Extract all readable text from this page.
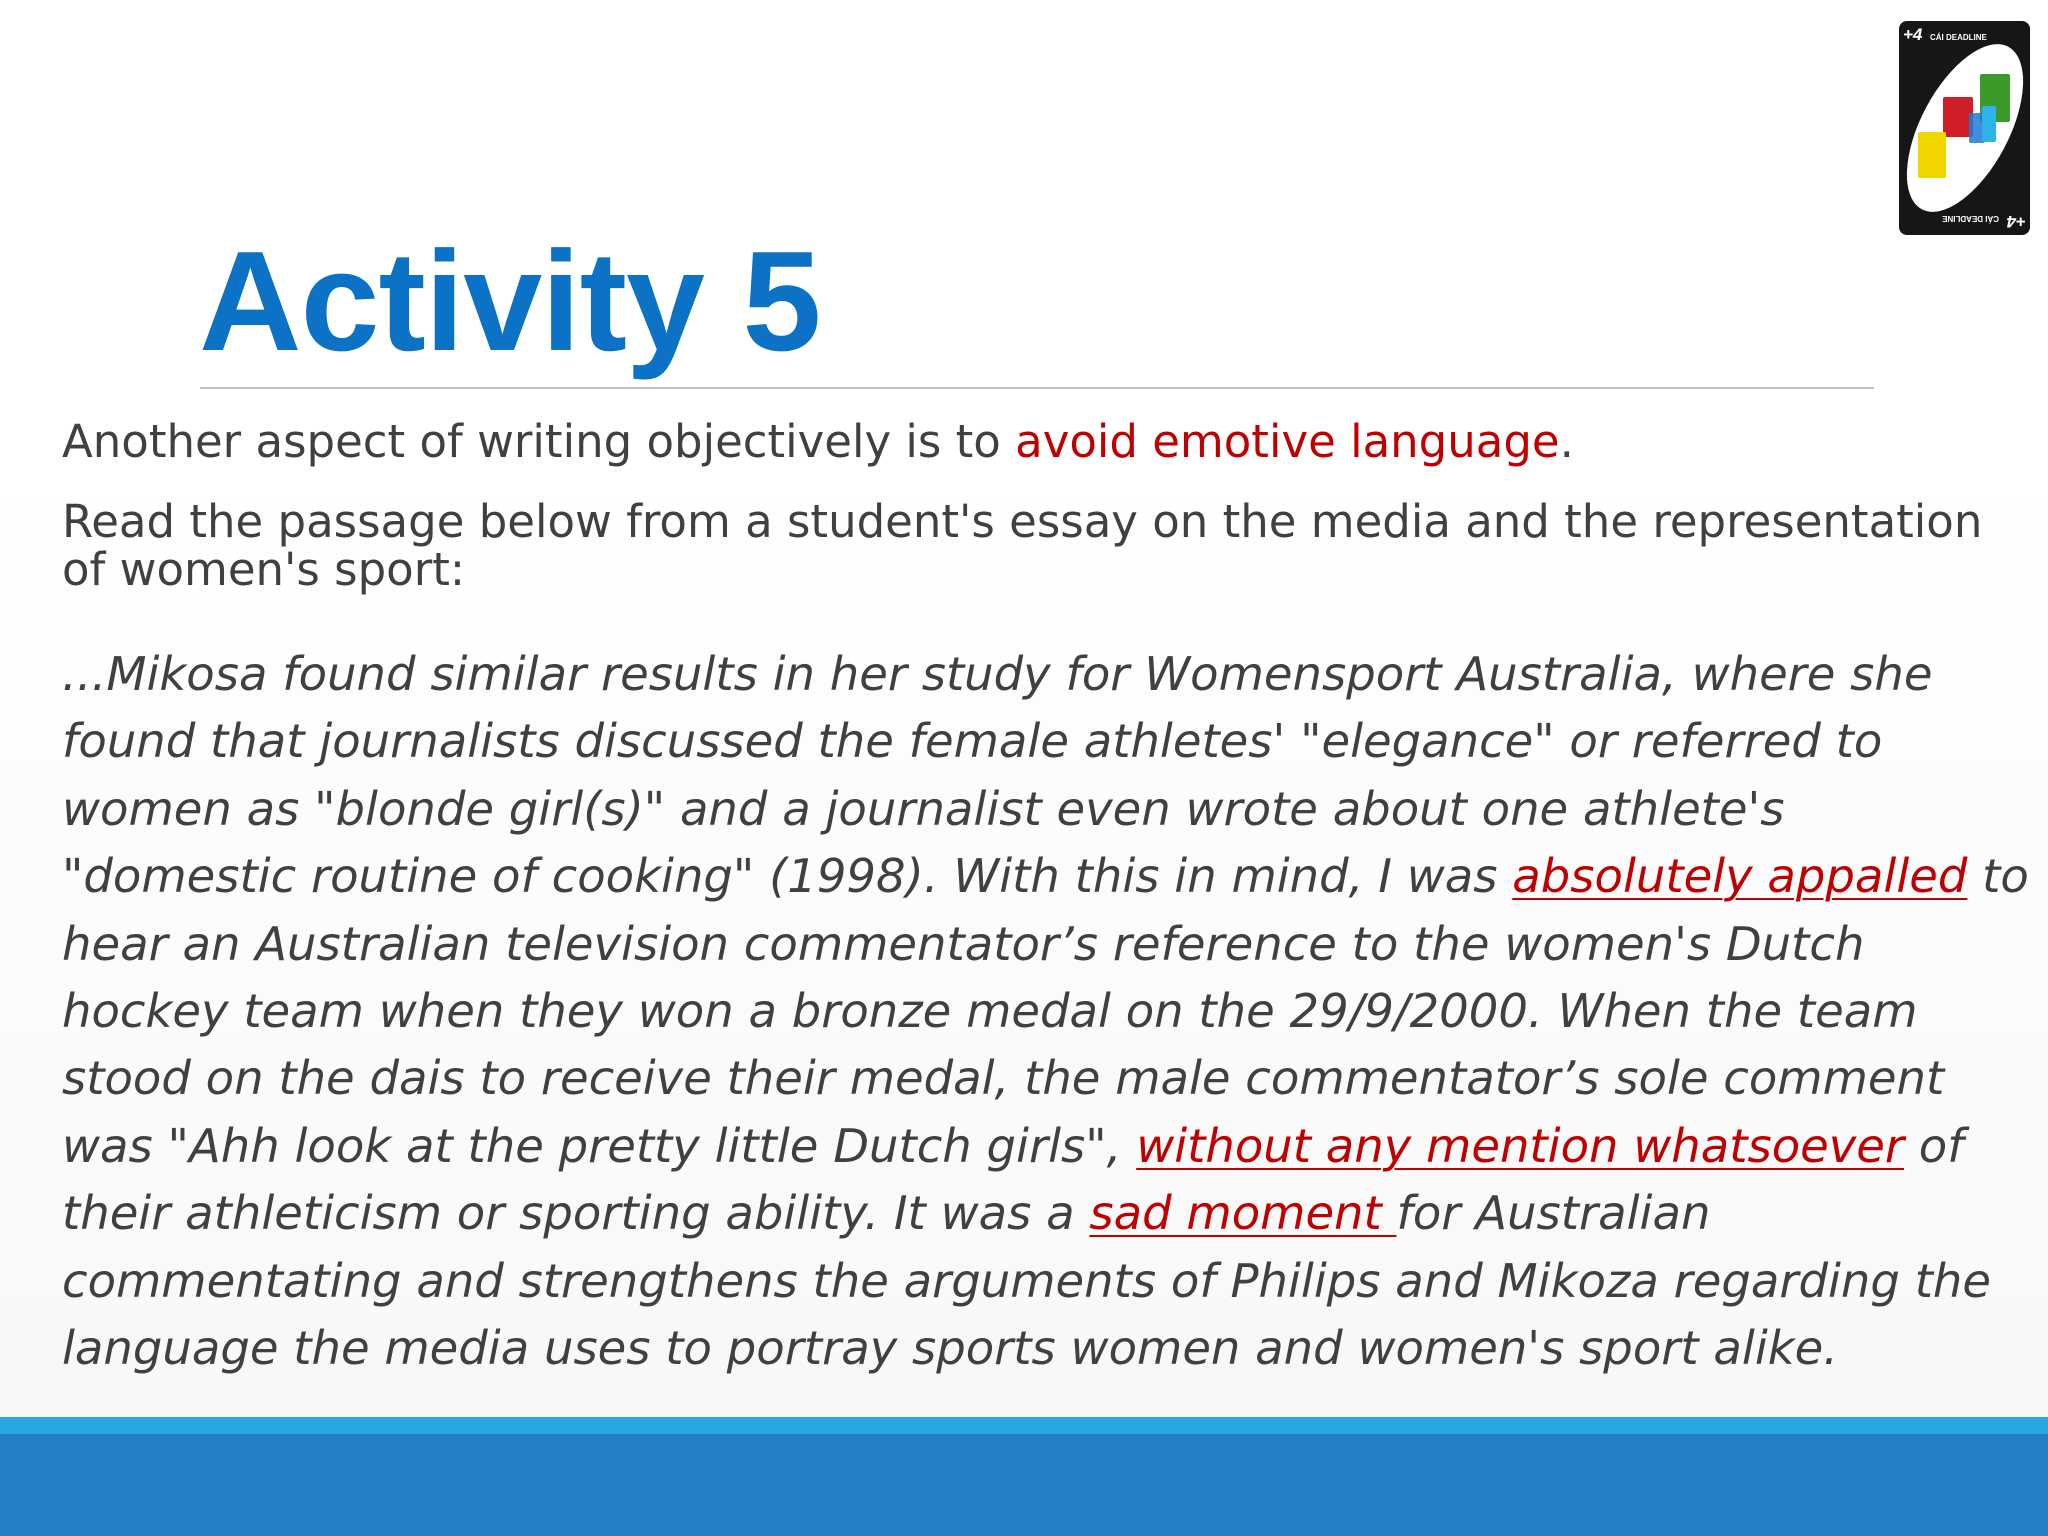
Activity 5

Another aspect of writing objectively is to avoid emotive language.

Read the passage below from a student's essay on the media and the representation of women's sport:

...Mikosa found similar results in her study for Womensport Australia, where she found that journalists discussed the female athletes' "elegance" or referred to women as "blonde girl(s)" and a journalist even wrote about one athlete's "domestic routine of cooking" (1998). With this in mind, I was absolutely appalled to hear an Australian television commentator’s reference to the women's Dutch hockey team when they won a bronze medal on the 29/9/2000. When the team stood on the dais to receive their medal, the male commentator’s sole comment was "Ahh look at the pretty little Dutch girls", without any mention whatsoever of their athleticism or sporting ability. It was a sad moment for Australian commentating and strengthens the arguments of Philips and Mikoza regarding the language the media uses to portray sports women and women's sport alike.

+4 CÁI DEADLINE
+4
CÁI DEADLINE
